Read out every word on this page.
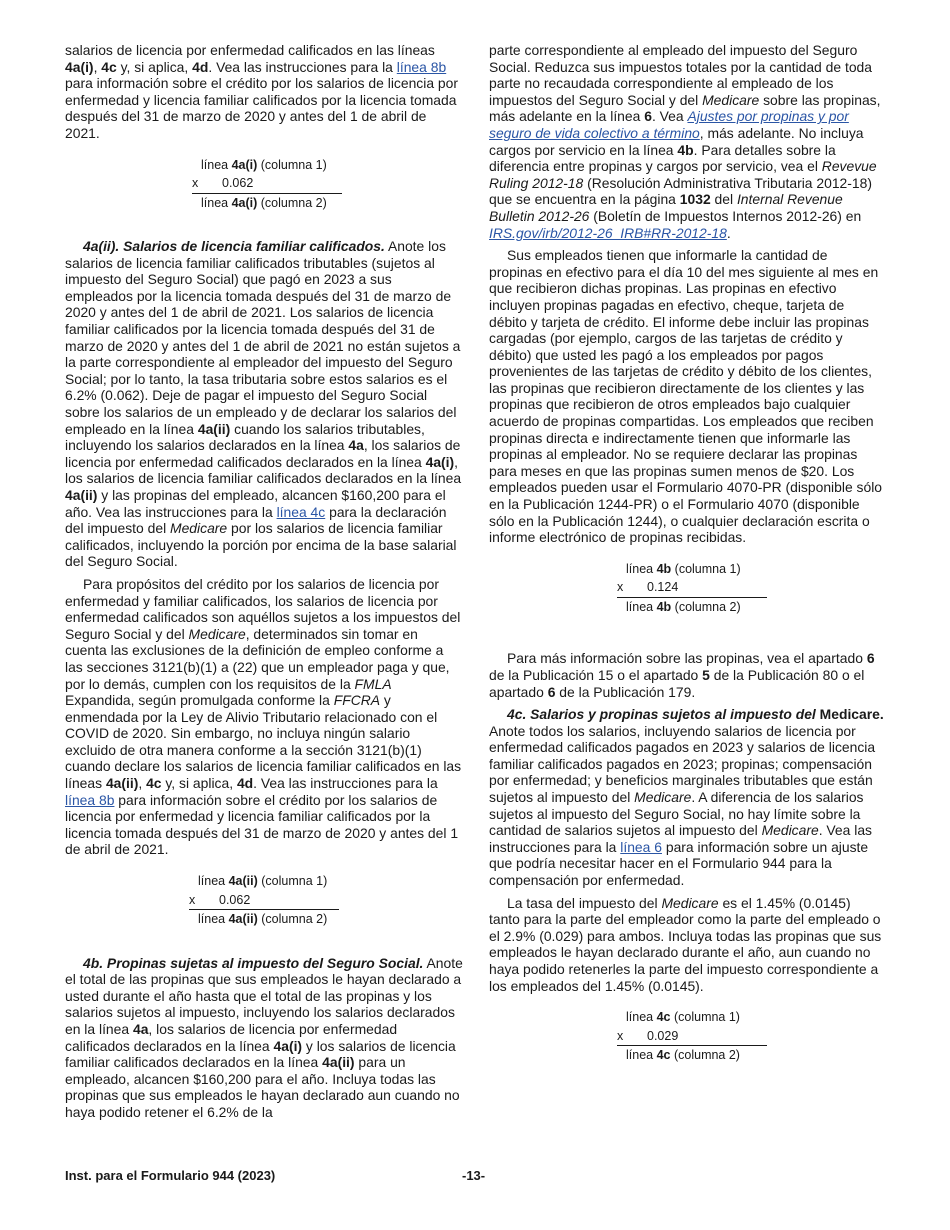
salarios de licencia por enfermedad calificados en las líneas 4a(i), 4c y, si aplica, 4d. Vea las instrucciones para la línea 8b para información sobre el crédito por los salarios de licencia por enfermedad y licencia familiar calificados por la licencia tomada después del 31 de marzo de 2020 y antes del 1 de abril de 2021.

línea 4a(i) (columna 1)
x	0.062
línea 4a(i) (columna 2)

4a(ii). Salarios de licencia familiar calificados. Anote los salarios de licencia familiar calificados tributables (sujetos al impuesto del Seguro Social) que pagó en 2023 a sus empleados por la licencia tomada después del 31 de marzo de 2020 y antes del 1 de abril de 2021. Los salarios de licencia familiar calificados por la licencia tomada después del 31 de marzo de 2020 y antes del 1 de abril de 2021 no están sujetos a la parte correspondiente al empleador del impuesto del Seguro Social; por lo tanto, la tasa tributaria sobre estos salarios es el 6.2% (0.062). Deje de pagar el impuesto del Seguro Social sobre los salarios de un empleado y de declarar los salarios del empleado en la línea 4a(ii) cuando los salarios tributables, incluyendo los salarios declarados en la línea 4a, los salarios de licencia por enfermedad calificados declarados en la línea 4a(i), los salarios de licencia familiar calificados declarados en la línea 4a(ii) y las propinas del empleado, alcancen $160,200 para el año. Vea las instrucciones para la línea 4c para la declaración del impuesto del Medicare por los salarios de licencia familiar calificados, incluyendo la porción por encima de la base salarial del Seguro Social.

Para propósitos del crédito por los salarios de licencia por enfermedad y familiar calificados, los salarios de licencia por enfermedad calificados son aquéllos sujetos a los impuestos del Seguro Social y del Medicare, determinados sin tomar en cuenta las exclusiones de la definición de empleo conforme a las secciones 3121(b)(1) a (22) que un empleador paga y que, por lo demás, cumplen con los requisitos de la FMLA Expandida, según promulgada conforme la FFCRA y enmendada por la Ley de Alivio Tributario relacionado con el COVID de 2020. Sin embargo, no incluya ningún salario excluido de otra manera conforme a la sección 3121(b)(1) cuando declare los salarios de licencia familiar calificados en las líneas 4a(ii), 4c y, si aplica, 4d. Vea las instrucciones para la línea 8b para información sobre el crédito por los salarios de licencia por enfermedad y licencia familiar calificados por la licencia tomada después del 31 de marzo de 2020 y antes del 1 de abril de 2021.

línea 4a(ii) (columna 1)
x	0.062
línea 4a(ii) (columna 2)

4b. Propinas sujetas al impuesto del Seguro Social. Anote el total de las propinas que sus empleados le hayan declarado a usted durante el año hasta que el total de las propinas y los salarios sujetos al impuesto, incluyendo los salarios declarados en la línea 4a, los salarios de licencia por enfermedad calificados declarados en la línea 4a(i) y los salarios de licencia familiar calificados declarados en la línea 4a(ii) para un empleado, alcancen $160,200 para el año. Incluya todas las propinas que sus empleados le hayan declarado aun cuando no haya podido retener el 6.2% de la

parte correspondiente al empleado del impuesto del Seguro Social. Reduzca sus impuestos totales por la cantidad de toda parte no recaudada correspondiente al empleado de los impuestos del Seguro Social y del Medicare sobre las propinas, más adelante en la línea 6. Vea Ajustes por propinas y por seguro de vida colectivo a término, más adelante. No incluya cargos por servicio en la línea 4b. Para detalles sobre la diferencia entre propinas y cargos por servicio, vea el Revevue Ruling 2012-18 (Resolución Administrativa Tributaria 2012-18) que se encuentra en la página 1032 del Internal Revenue Bulletin 2012-26 (Boletín de Impuestos Internos 2012-26) en IRS.gov/irb/2012-26_IRB#RR-2012-18.

Sus empleados tienen que informarle la cantidad de propinas en efectivo para el día 10 del mes siguiente al mes en que recibieron dichas propinas. Las propinas en efectivo incluyen propinas pagadas en efectivo, cheque, tarjeta de débito y tarjeta de crédito. El informe debe incluir las propinas cargadas (por ejemplo, cargos de las tarjetas de crédito y débito) que usted les pagó a los empleados por pagos provenientes de las tarjetas de crédito y débito de los clientes, las propinas que recibieron directamente de los clientes y las propinas que recibieron de otros empleados bajo cualquier acuerdo de propinas compartidas. Los empleados que reciben propinas directa e indirectamente tienen que informarle las propinas al empleador. No se requiere declarar las propinas para meses en que las propinas sumen menos de $20. Los empleados pueden usar el Formulario 4070-PR (disponible sólo en la Publicación 1244-PR) o el Formulario 4070 (disponible sólo en la Publicación 1244), o cualquier declaración escrita o informe electrónico de propinas recibidas.

línea 4b (columna 1)
x	0.124
línea 4b (columna 2)

Para más información sobre las propinas, vea el apartado 6 de la Publicación 15 o el apartado 5 de la Publicación 80 o el apartado 6 de la Publicación 179.

4c. Salarios y propinas sujetos al impuesto del Medicare. Anote todos los salarios, incluyendo salarios de licencia por enfermedad calificados pagados en 2023 y salarios de licencia familiar calificados pagados en 2023; propinas; compensación por enfermedad; y beneficios marginales tributables que están sujetos al impuesto del Medicare. A diferencia de los salarios sujetos al impuesto del Seguro Social, no hay límite sobre la cantidad de salarios sujetos al impuesto del Medicare. Vea las instrucciones para la línea 6 para información sobre un ajuste que podría necesitar hacer en el Formulario 944 para la compensación por enfermedad.

La tasa del impuesto del Medicare es el 1.45% (0.0145) tanto para la parte del empleador como la parte del empleado o el 2.9% (0.029) para ambos. Incluya todas las propinas que sus empleados le hayan declarado durante el año, aun cuando no haya podido retenerles la parte del impuesto correspondiente a los empleados del 1.45% (0.0145).

línea 4c (columna 1)
x	0.029
línea 4c (columna 2)
Inst. para el Formulario 944 (2023)	-13-
